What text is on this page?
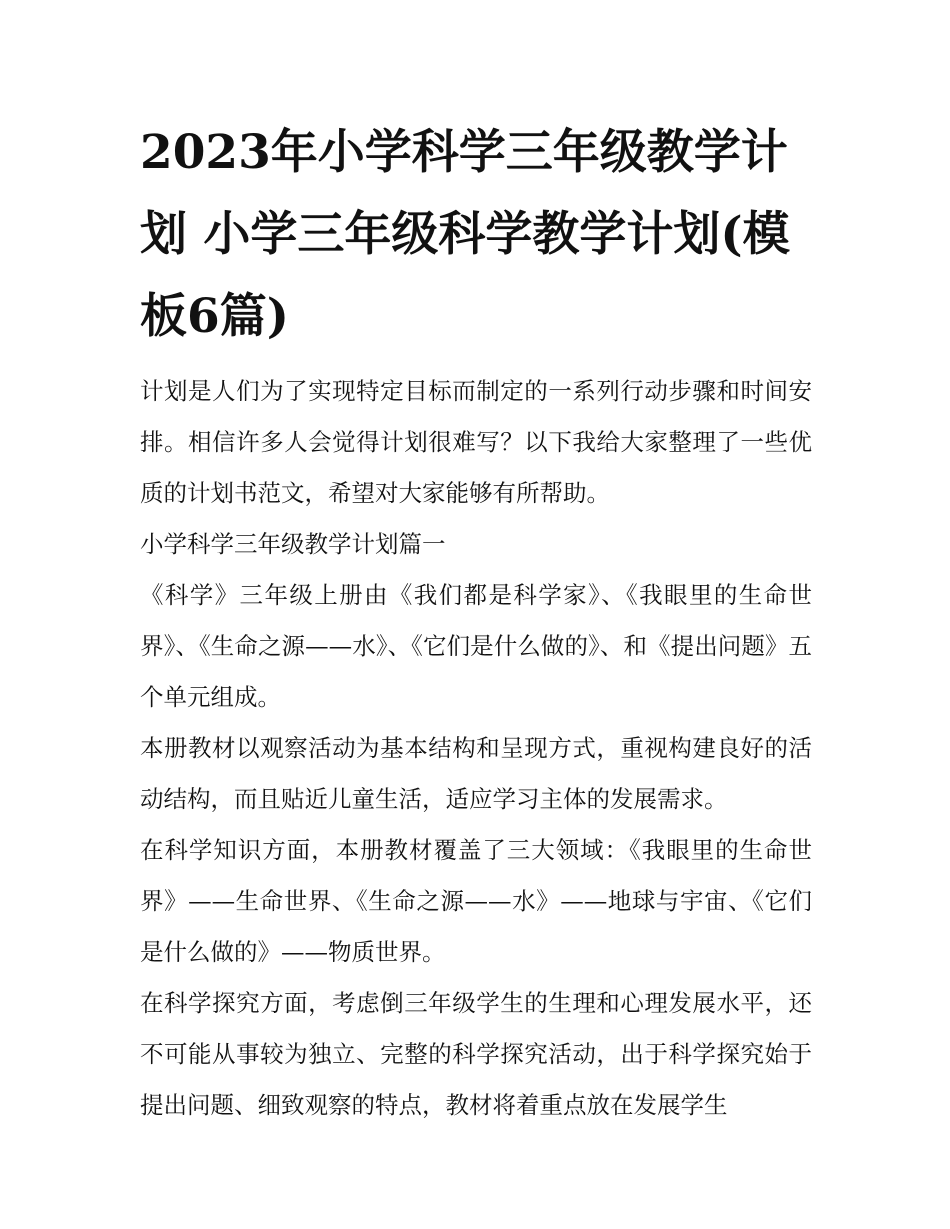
2023年小学科学三年级教学计划 小学三年级科学教学计划(模板6篇)

计划是人们为了实现特定目标而制定的一系列行动步骤和时间安排。相信许多人会觉得计划很难写？以下我给大家整理了一些优质的计划书范文，希望对大家能够有所帮助。

小学科学三年级教学计划篇一

《科学》三年级上册由《我们都是科学家》、《我眼里的生命世界》、《生命之源——水》、《它们是什么做的》、和《提出问题》五个单元组成。

本册教材以观察活动为基本结构和呈现方式，重视构建良好的活动结构，而且贴近儿童生活，适应学习主体的发展需求。

在科学知识方面，本册教材覆盖了三大领域：《我眼里的生命世界》——生命世界、《生命之源——水》——地球与宇宙、《它们是什么做的》——物质世界。

在科学探究方面，考虑倒三年级学生的生理和心理发展水平，还不可能从事较为独立、完整的科学探究活动，出于科学探究始于提出问题、细致观察的特点，教材将着重点放在发展学生
